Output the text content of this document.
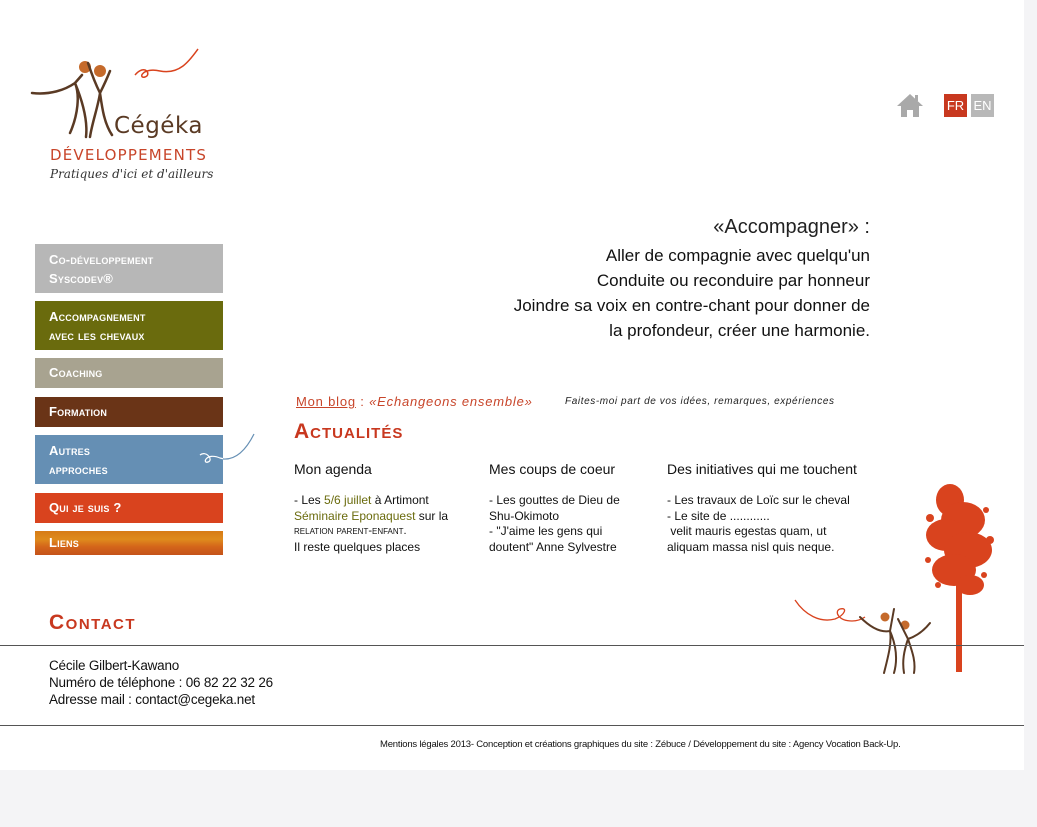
Cégéka
DÉVELOPPEMENTS
Pratiques d'ici et d'ailleurs
FR EN
«Accompagner» :
Aller de compagnie avec quelqu'un
Conduite ou reconduire par honneur
Joindre sa voix en contre-chant pour donner de
la profondeur, créer une harmonie.
Co-développement
Syscodev®
Accompagnement
avec les chevaux
Coaching
Formation
Autres
approches
Qui je suis ?
Liens
Mon blog : «Echangeons ensemble»	Faites-moi part de vos idées, remarques, expériences
Actualités
Mon agenda
- Les 5/6 juillet à Artimont
Séminaire Eponaquest sur la
relation parent-enfant.
Il reste quelques places
Mes coups de coeur
- Les gouttes de Dieu de
Shu-Okimoto
- "J'aime les gens qui
doutent" Anne Sylvestre
Des initiatives qui me touchent
- Les travaux de Loïc sur le cheval
- Le site de ............
velit mauris egestas quam, ut
aliquam massa nisl quis neque.
Contact
Cécile Gilbert-Kawano
Numéro de téléphone : 06 82 22 32 26
Adresse mail : contact@cegeka.net
Mentions légales 2013- Conception et créations graphiques du site : Zébuce / Développement du site : Agency Vocation Back-Up.
